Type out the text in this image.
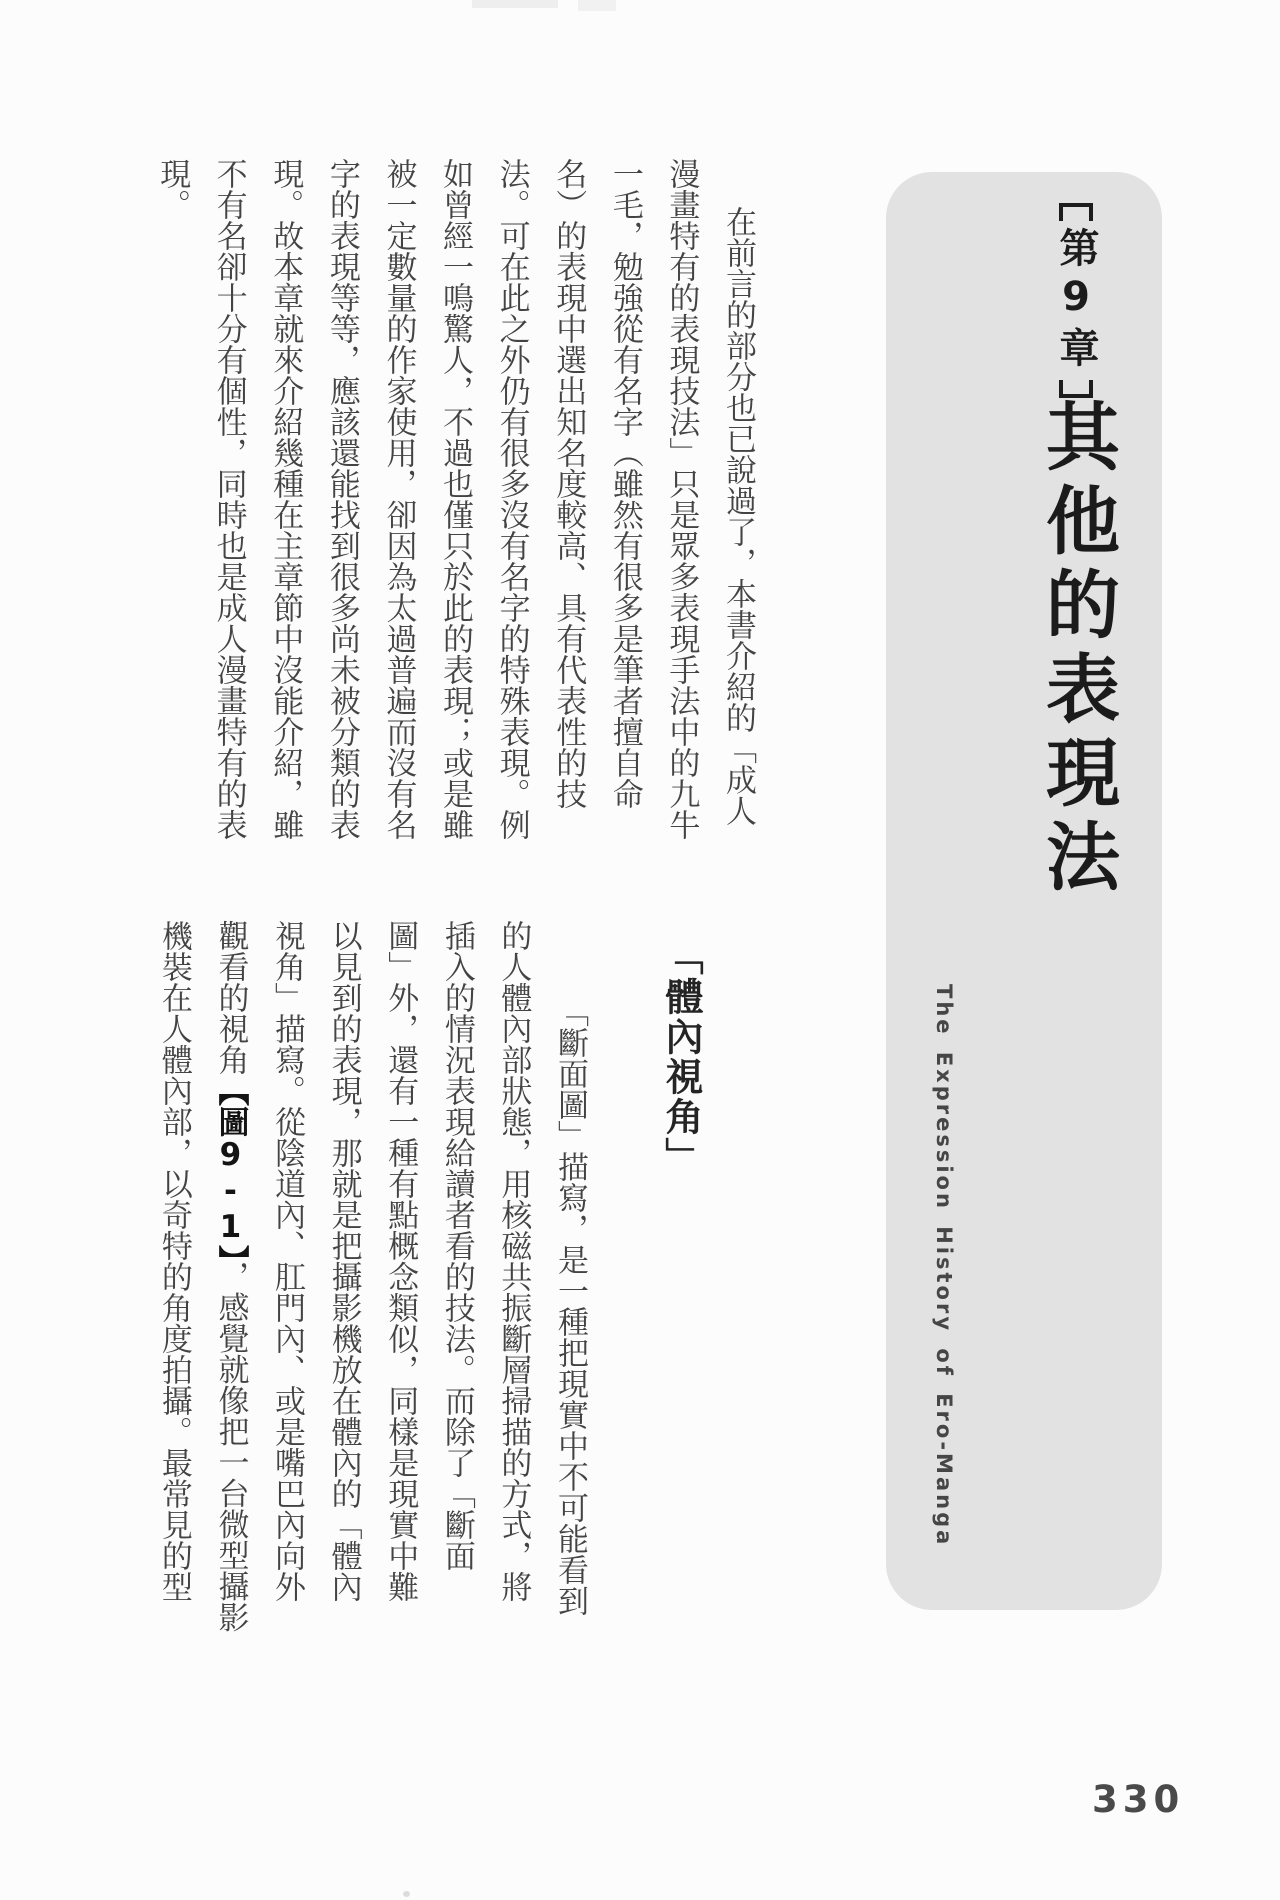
第9章
其他的表現法
The Expression History of Ero-Manga
在前言的部分也已說過了，本書介紹的「成人
漫畫特有的表現技法」只是眾多表現手法中的九牛
一毛，勉強從有名字（雖然有很多是筆者擅自命
名）的表現中選出知名度較高、具有代表性的技
法。可在此之外仍有很多沒有名字的特殊表現。例
如曾經一鳴驚人，不過也僅只於此的表現；或是雖
被一定數量的作家使用，卻因為太過普遍而沒有名
字的表現等等，應該還能找到很多尚未被分類的表
現。故本章就來介紹幾種在主章節中沒能介紹，雖
不有名卻十分有個性，同時也是成人漫畫特有的表
現。
「體內視角」
「斷面圖」描寫，是一種把現實中不可能看到
的人體內部狀態，用核磁共振斷層掃描的方式，將
插入的情況表現給讀者看的技法。而除了「斷面
圖」外，還有一種有點概念類似，同樣是現實中難
以見到的表現，那就是把攝影機放在體內的「體內
視角」描寫。從陰道內、肛門內、或是嘴巴內向外
觀看的視角【圖9-1】，感覺就像把一台微型攝影
機裝在人體內部，以奇特的角度拍攝。最常見的型
330
